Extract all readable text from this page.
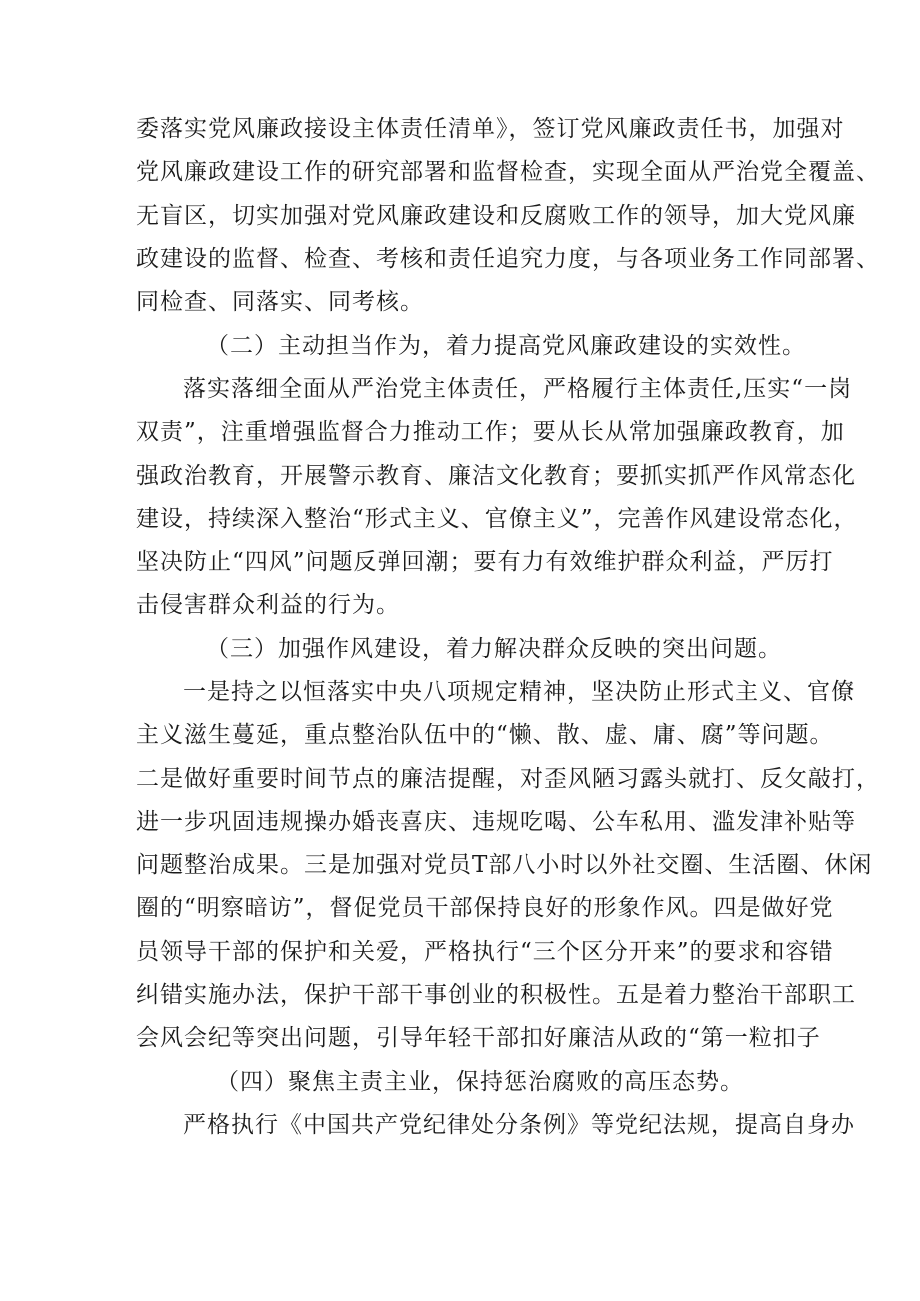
委落实党风廉政接设主体责任清单》，签订党风廉政责任书，加强对
党风廉政建设工作的研究部署和监督检查，实现全面从严治党全覆盖、
无盲区，切实加强对党风廉政建设和反腐败工作的领导，加大党风廉
政建设的监督、检查、考核和责任追究力度，与各项业务工作同部署、
同检查、同落实、同考核。
（二）主动担当作为，着力提高党风廉政建设的实效性。
落实落细全面从严治党主体责任，严格履行主体责任,压实“一岗
双责”，注重增强监督合力推动工作；要从长从常加强廉政教育，加
强政治教育，开展警示教育、廉洁文化教育；要抓实抓严作风常态化
建设，持续深入整治“形式主义、官僚主义”，完善作风建设常态化，
坚决防止“四风”问题反弹回潮；要有力有效维护群众利益，严厉打
击侵害群众利益的行为。
（三）加强作风建设，着力解决群众反映的突出问题。
一是持之以恒落实中央八项规定精神，坚决防止形式主义、官僚
主义滋生蔓延，重点整治队伍中的“懒、散、虚、庸、腐”等问题。
二是做好重要时间节点的廉洁提醒，对歪风陋习露头就打、反攵敲打，
进一步巩固违规操办婚丧喜庆、违规吃喝、公车私用、滥发津补贴等
问题整治成果。三是加强对党员T部八小时以外社交圈、生活圈、休闲
圈的“明察暗访”，督促党员干部保持良好的形象作风。四是做好党
员领导干部的保护和关爱，严格执行“三个区分开来”的要求和容错
纠错实施办法，保护干部干事创业的积极性。五是着力整治干部职工
会风会纪等突出问题，引导年轻干部扣好廉洁从政的“第一粒扣子
（四）聚焦主责主业，保持惩治腐败的高压态势。
严格执行《中国共产党纪律处分条例》等党纪法规，提高自身办
